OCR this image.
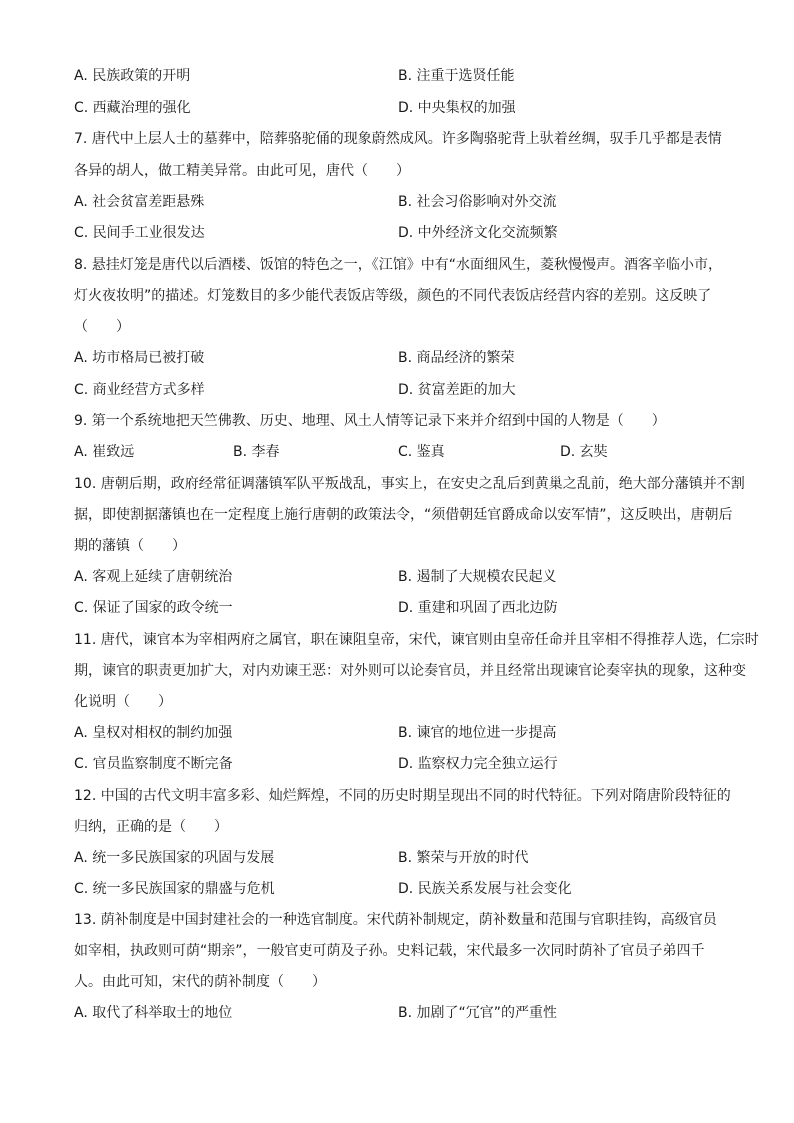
A. 民族政策的开明	B. 注重于选贤任能
C. 西藏治理的强化	D. 中央集权的加强
7. 唐代中上层人士的墓葬中，陪葬骆驼俑的现象蔚然成风。许多陶骆驼背上驮着丝绸，驭手几乎都是表情
各异的胡人，做工精美异常。由此可见，唐代（　　）
A. 社会贫富差距悬殊	B. 社会习俗影响对外交流
C. 民间手工业很发达	D. 中外经济文化交流频繁
8. 悬挂灯笼是唐代以后酒楼、饭馆的特色之一，《江馆》中有“水面细风生，菱秋慢慢声。酒客辛临小市，
灯火夜妆明”的描述。灯笼数目的多少能代表饭店等级，颜色的不同代表饭店经营内容的差别。这反映了
（　　）
A. 坊市格局已被打破	B. 商品经济的繁荣
C. 商业经营方式多样	D. 贫富差距的加大
9. 第一个系统地把天竺佛教、历史、地理、风土人情等记录下来并介绍到中国的人物是（　　）
A. 崔致远	B. 李春	C. 鉴真	D. 玄奘
10. 唐朝后期，政府经常征调藩镇军队平叛战乱，事实上，在安史之乱后到黄巢之乱前，绝大部分藩镇并不割
据，即使割据藩镇也在一定程度上施行唐朝的政策法令，“须借朝廷官爵成命以安军情”，这反映出，唐朝后
期的藩镇（　　）
A. 客观上延续了唐朝统治	B. 遏制了大规模农民起义
C. 保证了国家的政令统一	D. 重建和巩固了西北边防
11. 唐代，谏官本为宰相两府之属官，职在谏阻皇帝，宋代，谏官则由皇帝任命并且宰相不得推荐人选，仁宗时
期，谏官的职责更加扩大，对内劝谏王恶：对外则可以论奏官员，并且经常出现谏官论奏宰执的现象，这种变
化说明（　　）
A. 皇权对相权的制约加强	B. 谏官的地位进一步提高
C. 官员监察制度不断完备	D. 监察权力完全独立运行
12. 中国的古代文明丰富多彩、灿烂辉煌，不同的历史时期呈现出不同的时代特征。下列对隋唐阶段特征的
归纳，正确的是（　　）
A. 统一多民族国家的巩固与发展	B. 繁荣与开放的时代
C. 统一多民族国家的鼎盛与危机	D. 民族关系发展与社会变化
13. 荫补制度是中国封建社会的一种选官制度。宋代荫补制规定，荫补数量和范围与官职挂钩，高级官员
如宰相，执政则可荫“期亲”，一般官吏可荫及子孙。史料记载，宋代最多一次同时荫补了官员子弟四千
人。由此可知，宋代的荫补制度（　　）
A. 取代了科举取士的地位	B. 加剧了“冗官”的严重性
